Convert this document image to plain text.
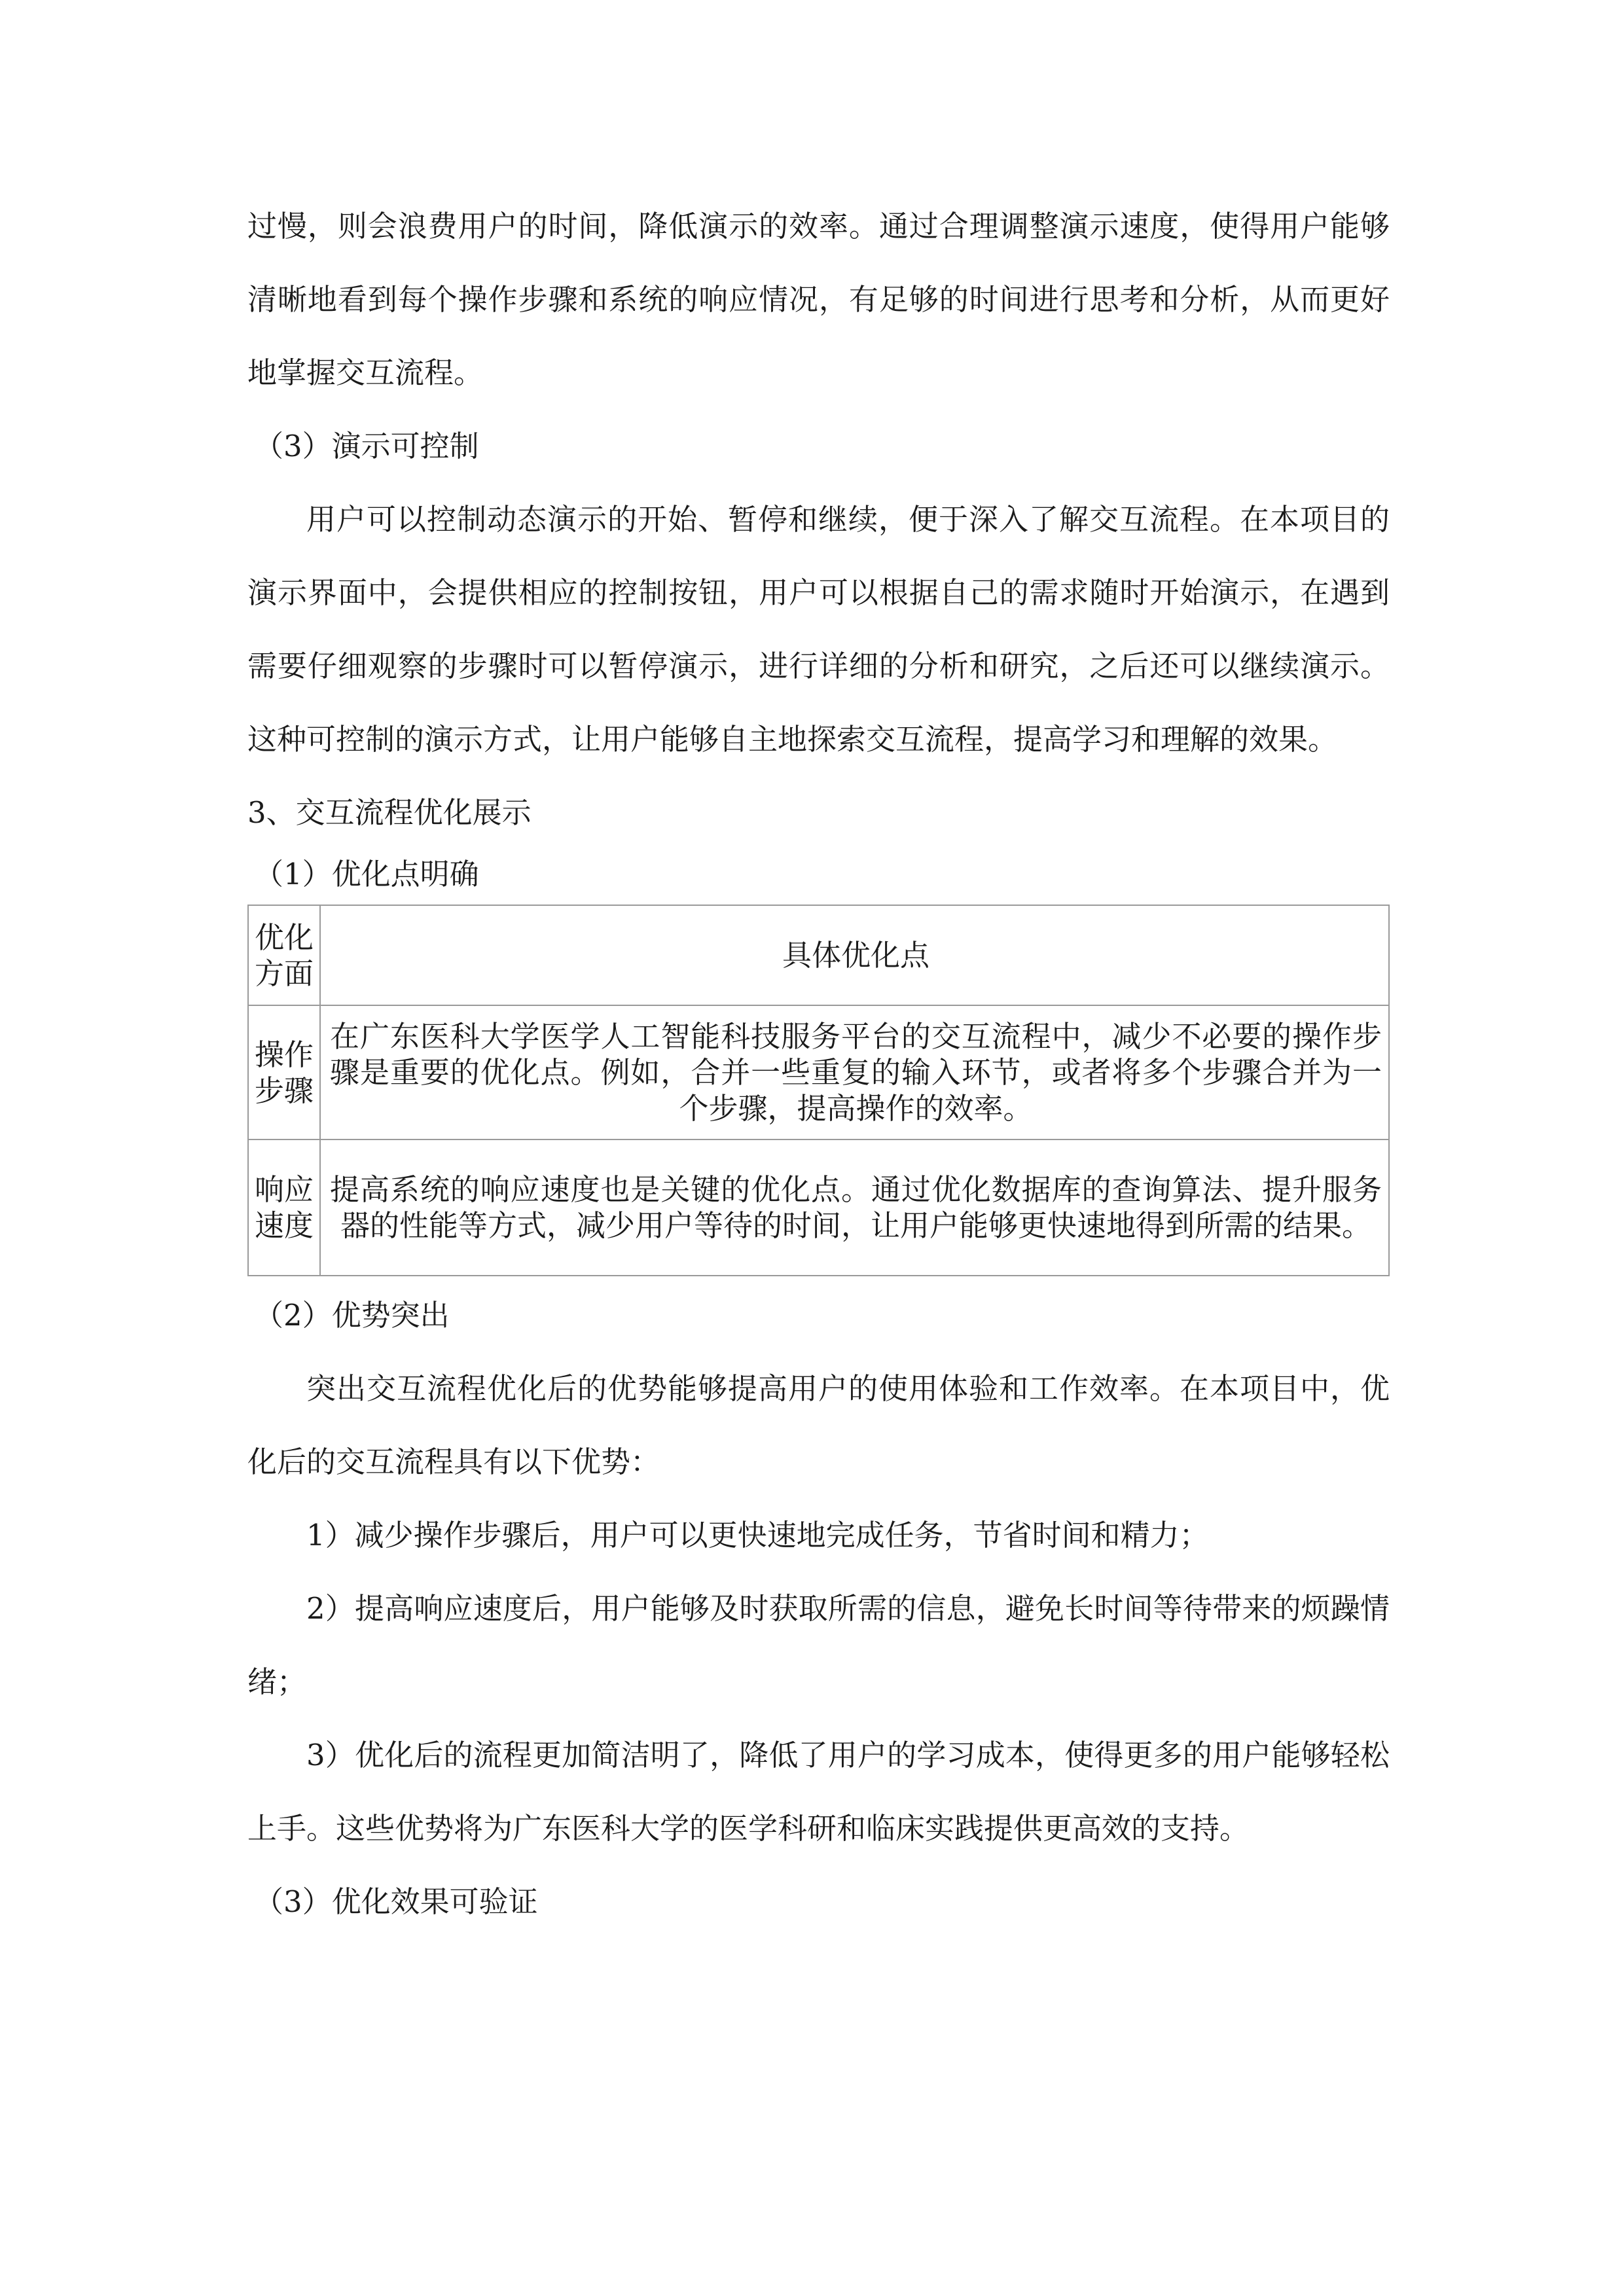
过慢，则会浪费用户的时间，降低演示的效率。通过合理调整演示速度，使得用户能够清晰地看到每个操作步骤和系统的响应情况，有足够的时间进行思考和分析，从而更好地掌握交互流程。

（3）演示可控制

用户可以控制动态演示的开始、暂停和继续，便于深入了解交互流程。在本项目的演示界面中，会提供相应的控制按钮，用户可以根据自己的需求随时开始演示，在遇到需要仔细观察的步骤时可以暂停演示，进行详细的分析和研究，之后还可以继续演示。这种可控制的演示方式，让用户能够自主地探索交互流程，提高学习和理解的效果。

3、交互流程优化展示

（1）优化点明确

优化方面	具体优化点
操作步骤	在广东医科大学医学人工智能科技服务平台的交互流程中，减少不必要的操作步骤是重要的优化点。例如，合并一些重复的输入环节，或者将多个步骤合并为一个步骤，提高操作的效率。
响应速度	提高系统的响应速度也是关键的优化点。通过优化数据库的查询算法、提升服务器的性能等方式，减少用户等待的时间，让用户能够更快速地得到所需的结果。

（2）优势突出

突出交互流程优化后的优势能够提高用户的使用体验和工作效率。在本项目中，优化后的交互流程具有以下优势：

1）减少操作步骤后，用户可以更快速地完成任务，节省时间和精力；

2）提高响应速度后，用户能够及时获取所需的信息，避免长时间等待带来的烦躁情绪；

3）优化后的流程更加简洁明了，降低了用户的学习成本，使得更多的用户能够轻松上手。这些优势将为广东医科大学的医学科研和临床实践提供更高效的支持。

（3）优化效果可验证
